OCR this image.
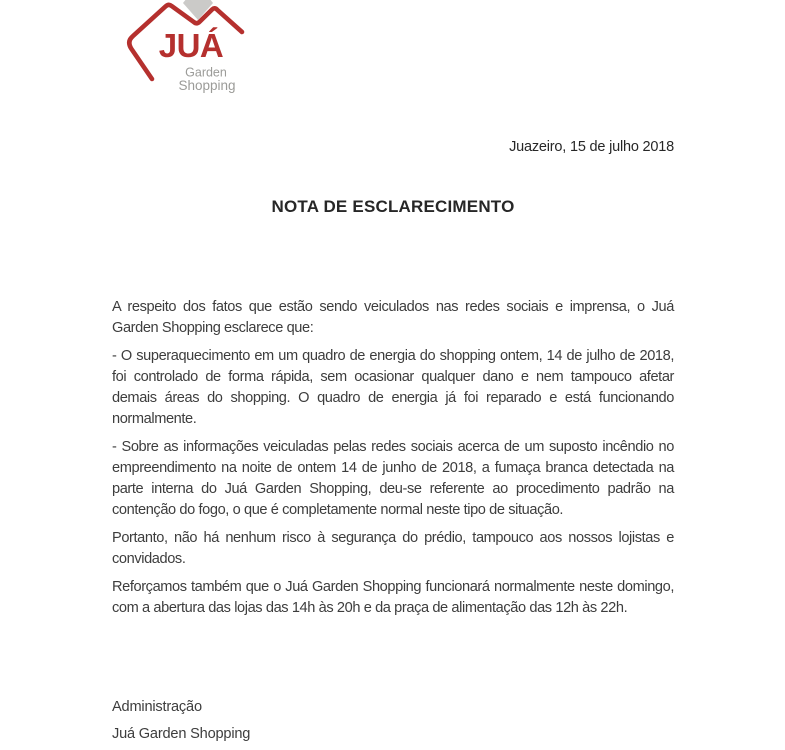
JUÁ
Garden
Shopping
Juazeiro, 15 de julho 2018
NOTA DE ESCLARECIMENTO

A respeito dos fatos que estão sendo veiculados nas redes sociais e imprensa, o Juá Garden Shopping esclarece que:

- O superaquecimento em um quadro de energia do shopping ontem, 14 de julho de 2018, foi controlado de forma rápida, sem ocasionar qualquer dano e nem tampouco afetar demais áreas do shopping. O quadro de energia já foi reparado e está funcionando normalmente.

- Sobre as informações veiculadas pelas redes sociais acerca de um suposto incêndio no empreendimento na noite de ontem 14 de junho de 2018, a fumaça branca detectada na parte interna do Juá Garden Shopping, deu-se referente ao procedimento padrão na contenção do fogo, o que é completamente normal neste tipo de situação.

Portanto, não há nenhum risco à segurança do prédio, tampouco aos nossos lojistas e convidados.

Reforçamos também que o Juá Garden Shopping funcionará normalmente neste domingo, com a abertura das lojas das 14h às 20h e da praça de alimentação das 12h às 22h.

Administração

Juá Garden Shopping
